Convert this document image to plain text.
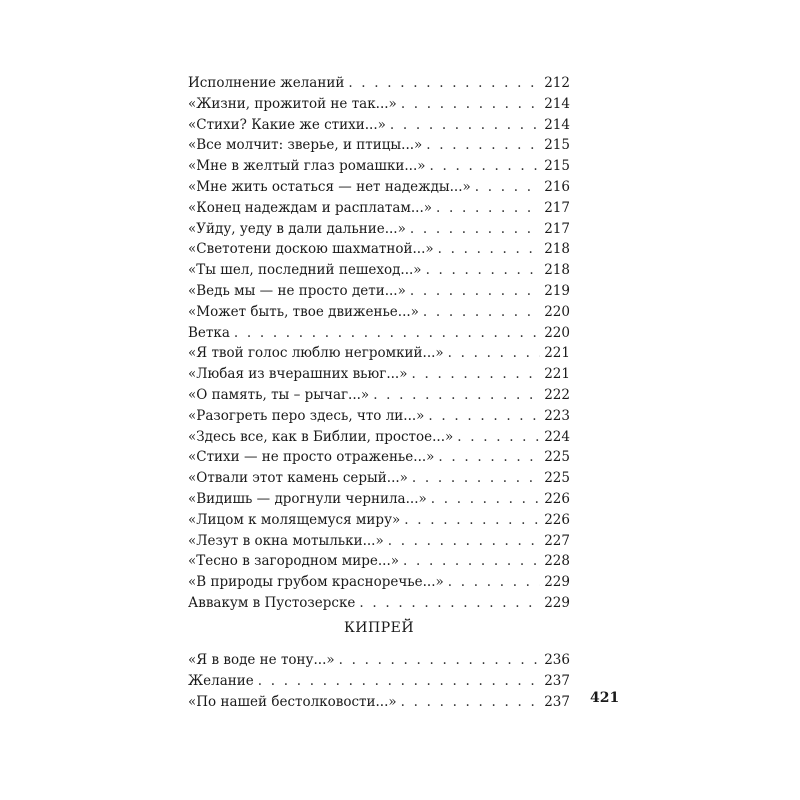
Исполнение желаний . . .	212
«Жизни, прожитой не так...» . . .	214
«Стихи? Какие же стихи...» . . .	214
«Все молчит: зверье, и птицы...» . . .	215
«Мне в желтый глаз ромашки...» . . .	215
«Мне жить остаться — нет надежды...» . . .	216
«Конец надеждам и расплатам...» . . .	217
«Уйду, уеду в дали дальние...» . . .	217
«Светотени доскою шахматной...» . . .	218
«Ты шел, последний пешеход...» . . .	218
«Ведь мы — не просто дети...» . . .	219
«Может быть, твое движенье...» . . .	220
Ветка . . .	220
«Я твой голос люблю негромкий...» . . .	221
«Любая из вчерашних вьюг...» . . .	221
«О память, ты – рычаг...» . . .	222
«Разогреть перо здесь, что ли...» . . .	223
«Здесь все, как в Библии, простое...» . . .	224
«Стихи — не просто отраженье...» . . .	225
«Отвали этот камень серый...» . . .	225
«Видишь — дрогнули чернила...» . . .	226
«Лицом к молящемуся миру» . . .	226
«Лезут в окна мотыльки...» . . .	227
«Тесно в загородном мире...» . . .	228
«В природы грубом красноречье...» . . .	229
Аввакум в Пустозерске . . .	229
КИПРЕЙ
«Я в воде не тону...» . . .	236
Желание . . .	237
«По нашей бестолковости...» . . .	237 421
